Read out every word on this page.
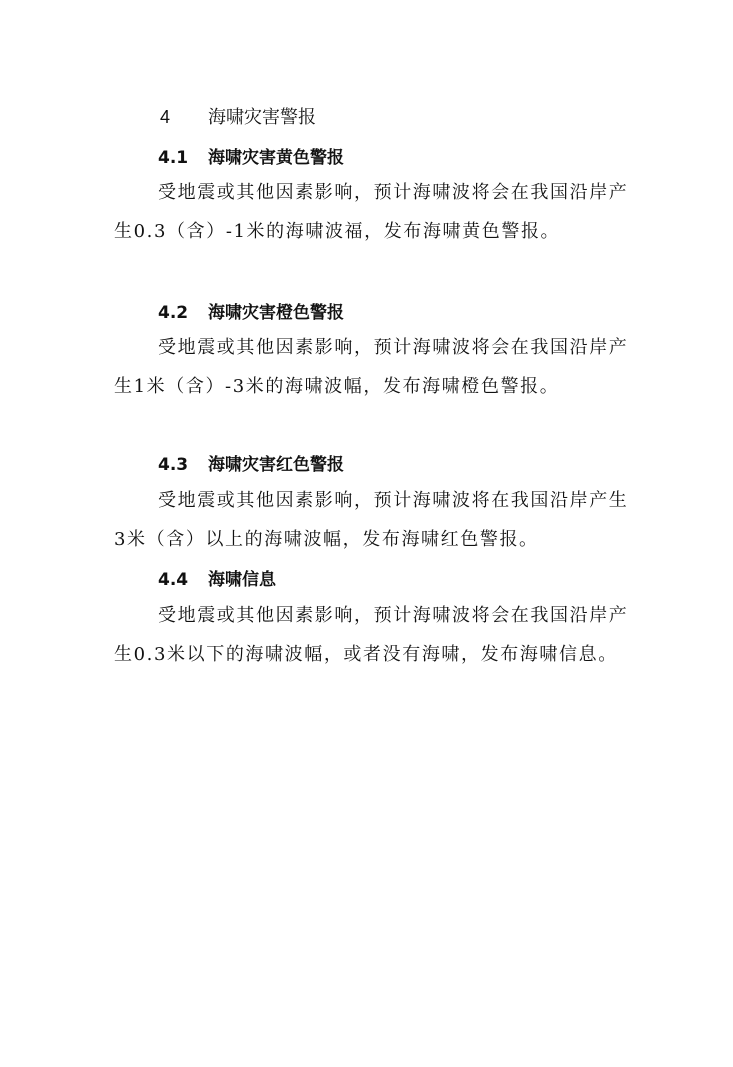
4 海啸灾害警报
4.1 海啸灾害黄色警报

受地震或其他因素影响，预计海啸波将会在我国沿岸产生0.3（含）-1米的海啸波福，发布海啸黄色警报。

4.2 海啸灾害橙色警报

受地震或其他因素影响，预计海啸波将会在我国沿岸产生1米（含）-3米的海啸波幅，发布海啸橙色警报。

4.3 海啸灾害红色警报

受地震或其他因素影响，预计海啸波将在我国沿岸产生3米（含）以上的海啸波幅，发布海啸红色警报。

4.4 海啸信息

受地震或其他因素影响，预计海啸波将会在我国沿岸产生0.3米以下的海啸波幅，或者没有海啸，发布海啸信息。
